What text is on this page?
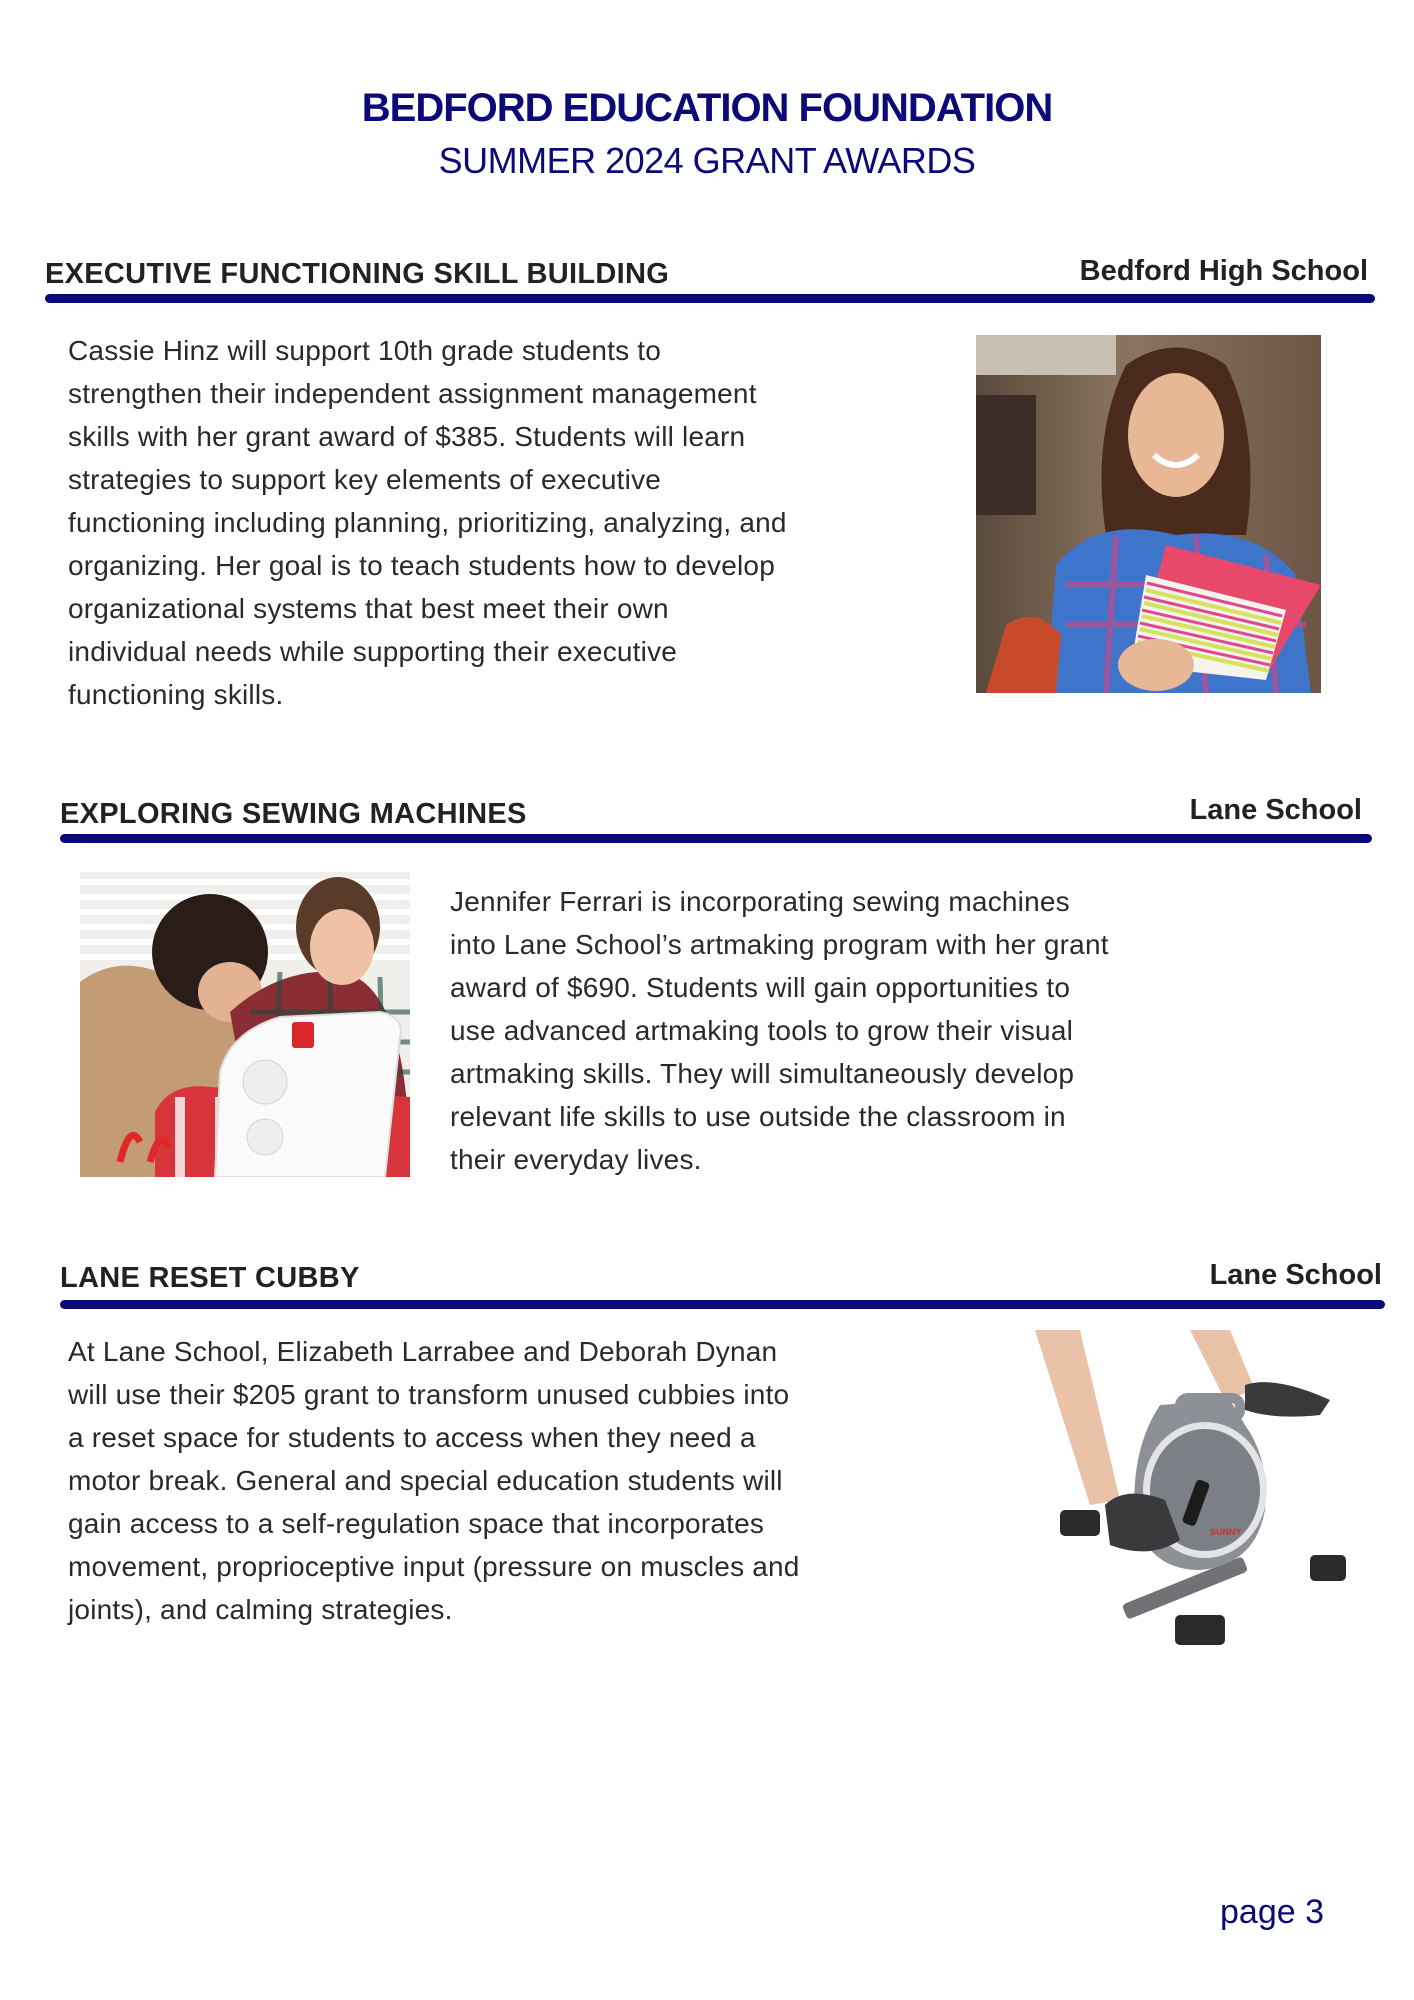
BEDFORD EDUCATION FOUNDATION
SUMMER 2024 GRANT AWARDS
EXECUTIVE FUNCTIONING SKILL BUILDING	Bedford High School
Cassie Hinz will support 10th grade students to
strengthen their independent assignment management
skills with her grant award of $385. Students will learn
strategies to support key elements of executive
functioning including planning, prioritizing, analyzing, and
organizing. Her goal is to teach students how to develop
organizational systems that best meet their own
individual needs while supporting their executive
functioning skills.
EXPLORING SEWING MACHINES	Lane School
Jennifer Ferrari is incorporating sewing machines
into Lane School’s artmaking program with her grant
award of $690. Students will gain opportunities to
use advanced artmaking tools to grow their visual
artmaking skills. They will simultaneously develop
relevant life skills to use outside the classroom in
their everyday lives.
LANE RESET CUBBY	Lane School
At Lane School, Elizabeth Larrabee and Deborah Dynan
will use their $205 grant to transform unused cubbies into
a reset space for students to access when they need a
motor break. General and special education students will
gain access to a self-regulation space that incorporates
movement, proprioceptive input (pressure on muscles and
joints), and calming strategies.
SUNNY
page 3
